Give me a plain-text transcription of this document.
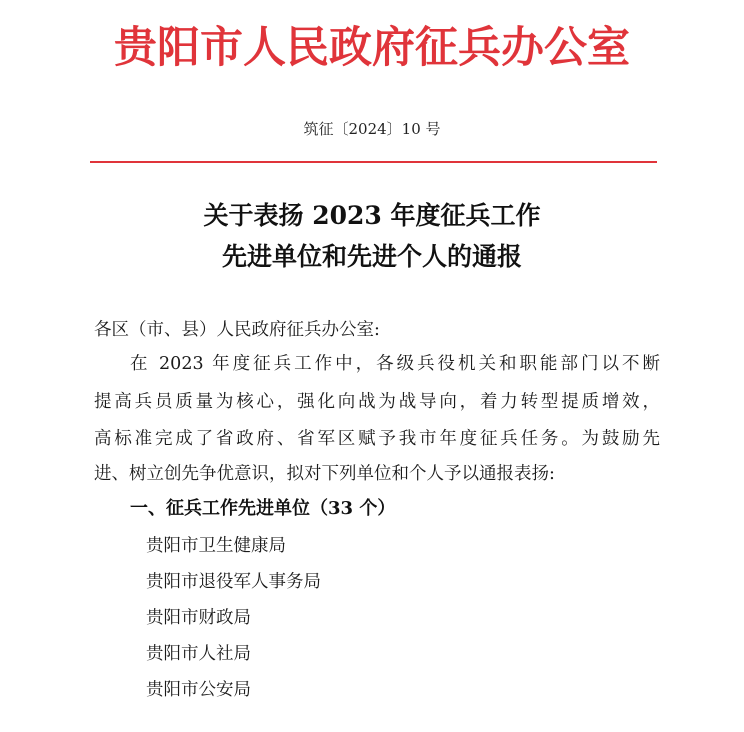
贵阳市人民政府征兵办公室
筑征〔2024〕10 号
关于表扬 2023 年度征兵工作
先进单位和先进个人的通报
各区（市、县）人民政府征兵办公室:
在 2023 年度征兵工作中，各级兵役机关和职能部门以不断
提高兵员质量为核心，强化向战为战导向，着力转型提质增效，
高标准完成了省政府、省军区赋予我市年度征兵任务。为鼓励先
进、树立创先争优意识，拟对下列单位和个人予以通报表扬:
一、征兵工作先进单位（33 个）
贵阳市卫生健康局
贵阳市退役军人事务局
贵阳市财政局
贵阳市人社局
贵阳市公安局
